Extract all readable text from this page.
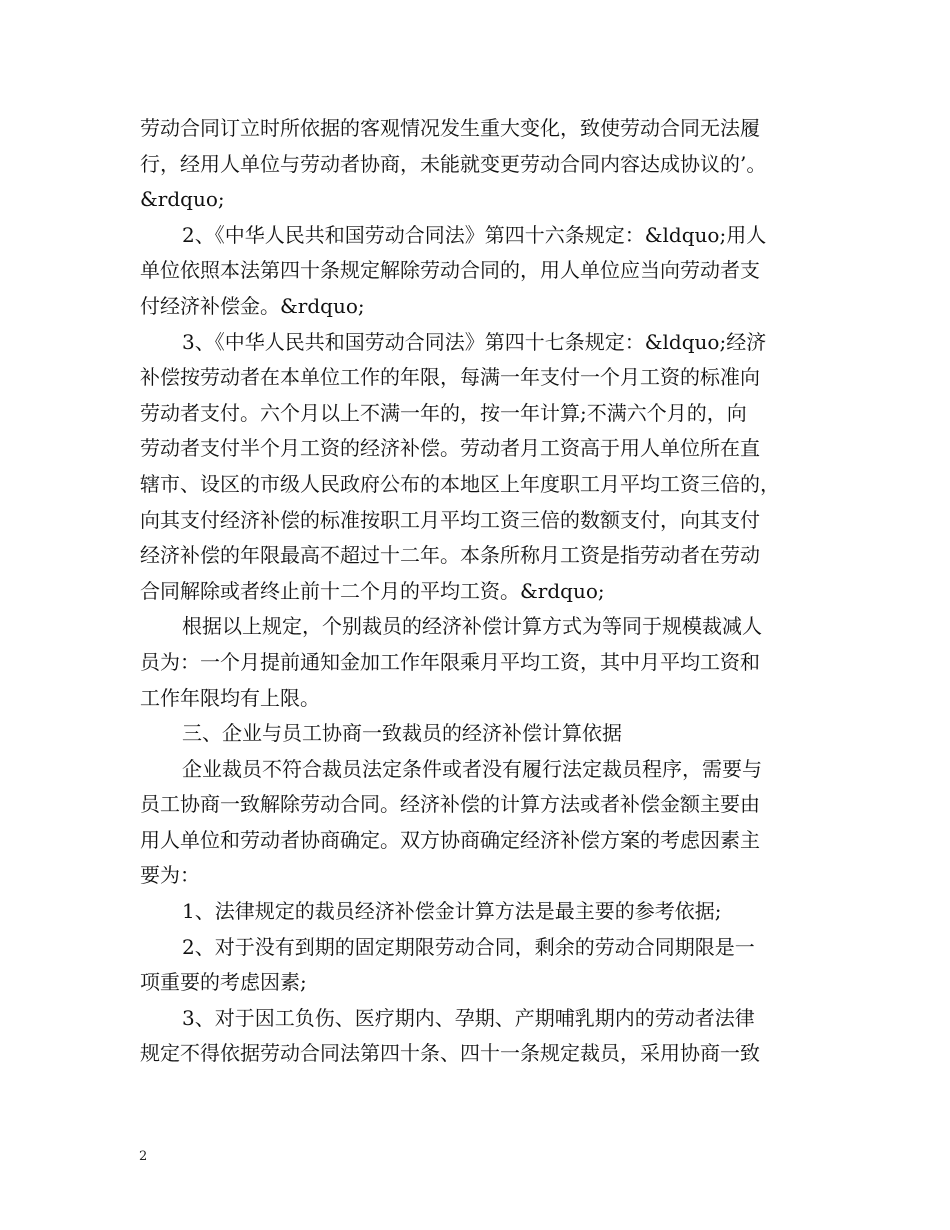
劳动合同订立时所依据的客观情况发生重大变化，致使劳动合同无法履
行，经用人单位与劳动者协商，未能就变更劳动合同内容达成协议的’。
&rdquo;
2、《中华人民共和国劳动合同法》第四十六条规定：&ldquo;用人
单位依照本法第四十条规定解除劳动合同的，用人单位应当向劳动者支
付经济补偿金。&rdquo;
3、《中华人民共和国劳动合同法》第四十七条规定：&ldquo;经济
补偿按劳动者在本单位工作的年限，每满一年支付一个月工资的标准向
劳动者支付。六个月以上不满一年的，按一年计算;不满六个月的，向
劳动者支付半个月工资的经济补偿。劳动者月工资高于用人单位所在直
辖市、设区的市级人民政府公布的本地区上年度职工月平均工资三倍的，
向其支付经济补偿的标准按职工月平均工资三倍的数额支付，向其支付
经济补偿的年限最高不超过十二年。本条所称月工资是指劳动者在劳动
合同解除或者终止前十二个月的平均工资。&rdquo;
根据以上规定，个别裁员的经济补偿计算方式为等同于规模裁减人
员为：一个月提前通知金加工作年限乘月平均工资，其中月平均工资和
工作年限均有上限。
三、企业与员工协商一致裁员的经济补偿计算依据
企业裁员不符合裁员法定条件或者没有履行法定裁员程序，需要与
员工协商一致解除劳动合同。经济补偿的计算方法或者补偿金额主要由
用人单位和劳动者协商确定。双方协商确定经济补偿方案的考虑因素主
要为：
1、法律规定的裁员经济补偿金计算方法是最主要的参考依据;
2、对于没有到期的固定期限劳动合同，剩余的劳动合同期限是一
项重要的考虑因素;
3、对于因工负伤、医疗期内、孕期、产期哺乳期内的劳动者法律
规定不得依据劳动合同法第四十条、四十一条规定裁员，采用协商一致
2
